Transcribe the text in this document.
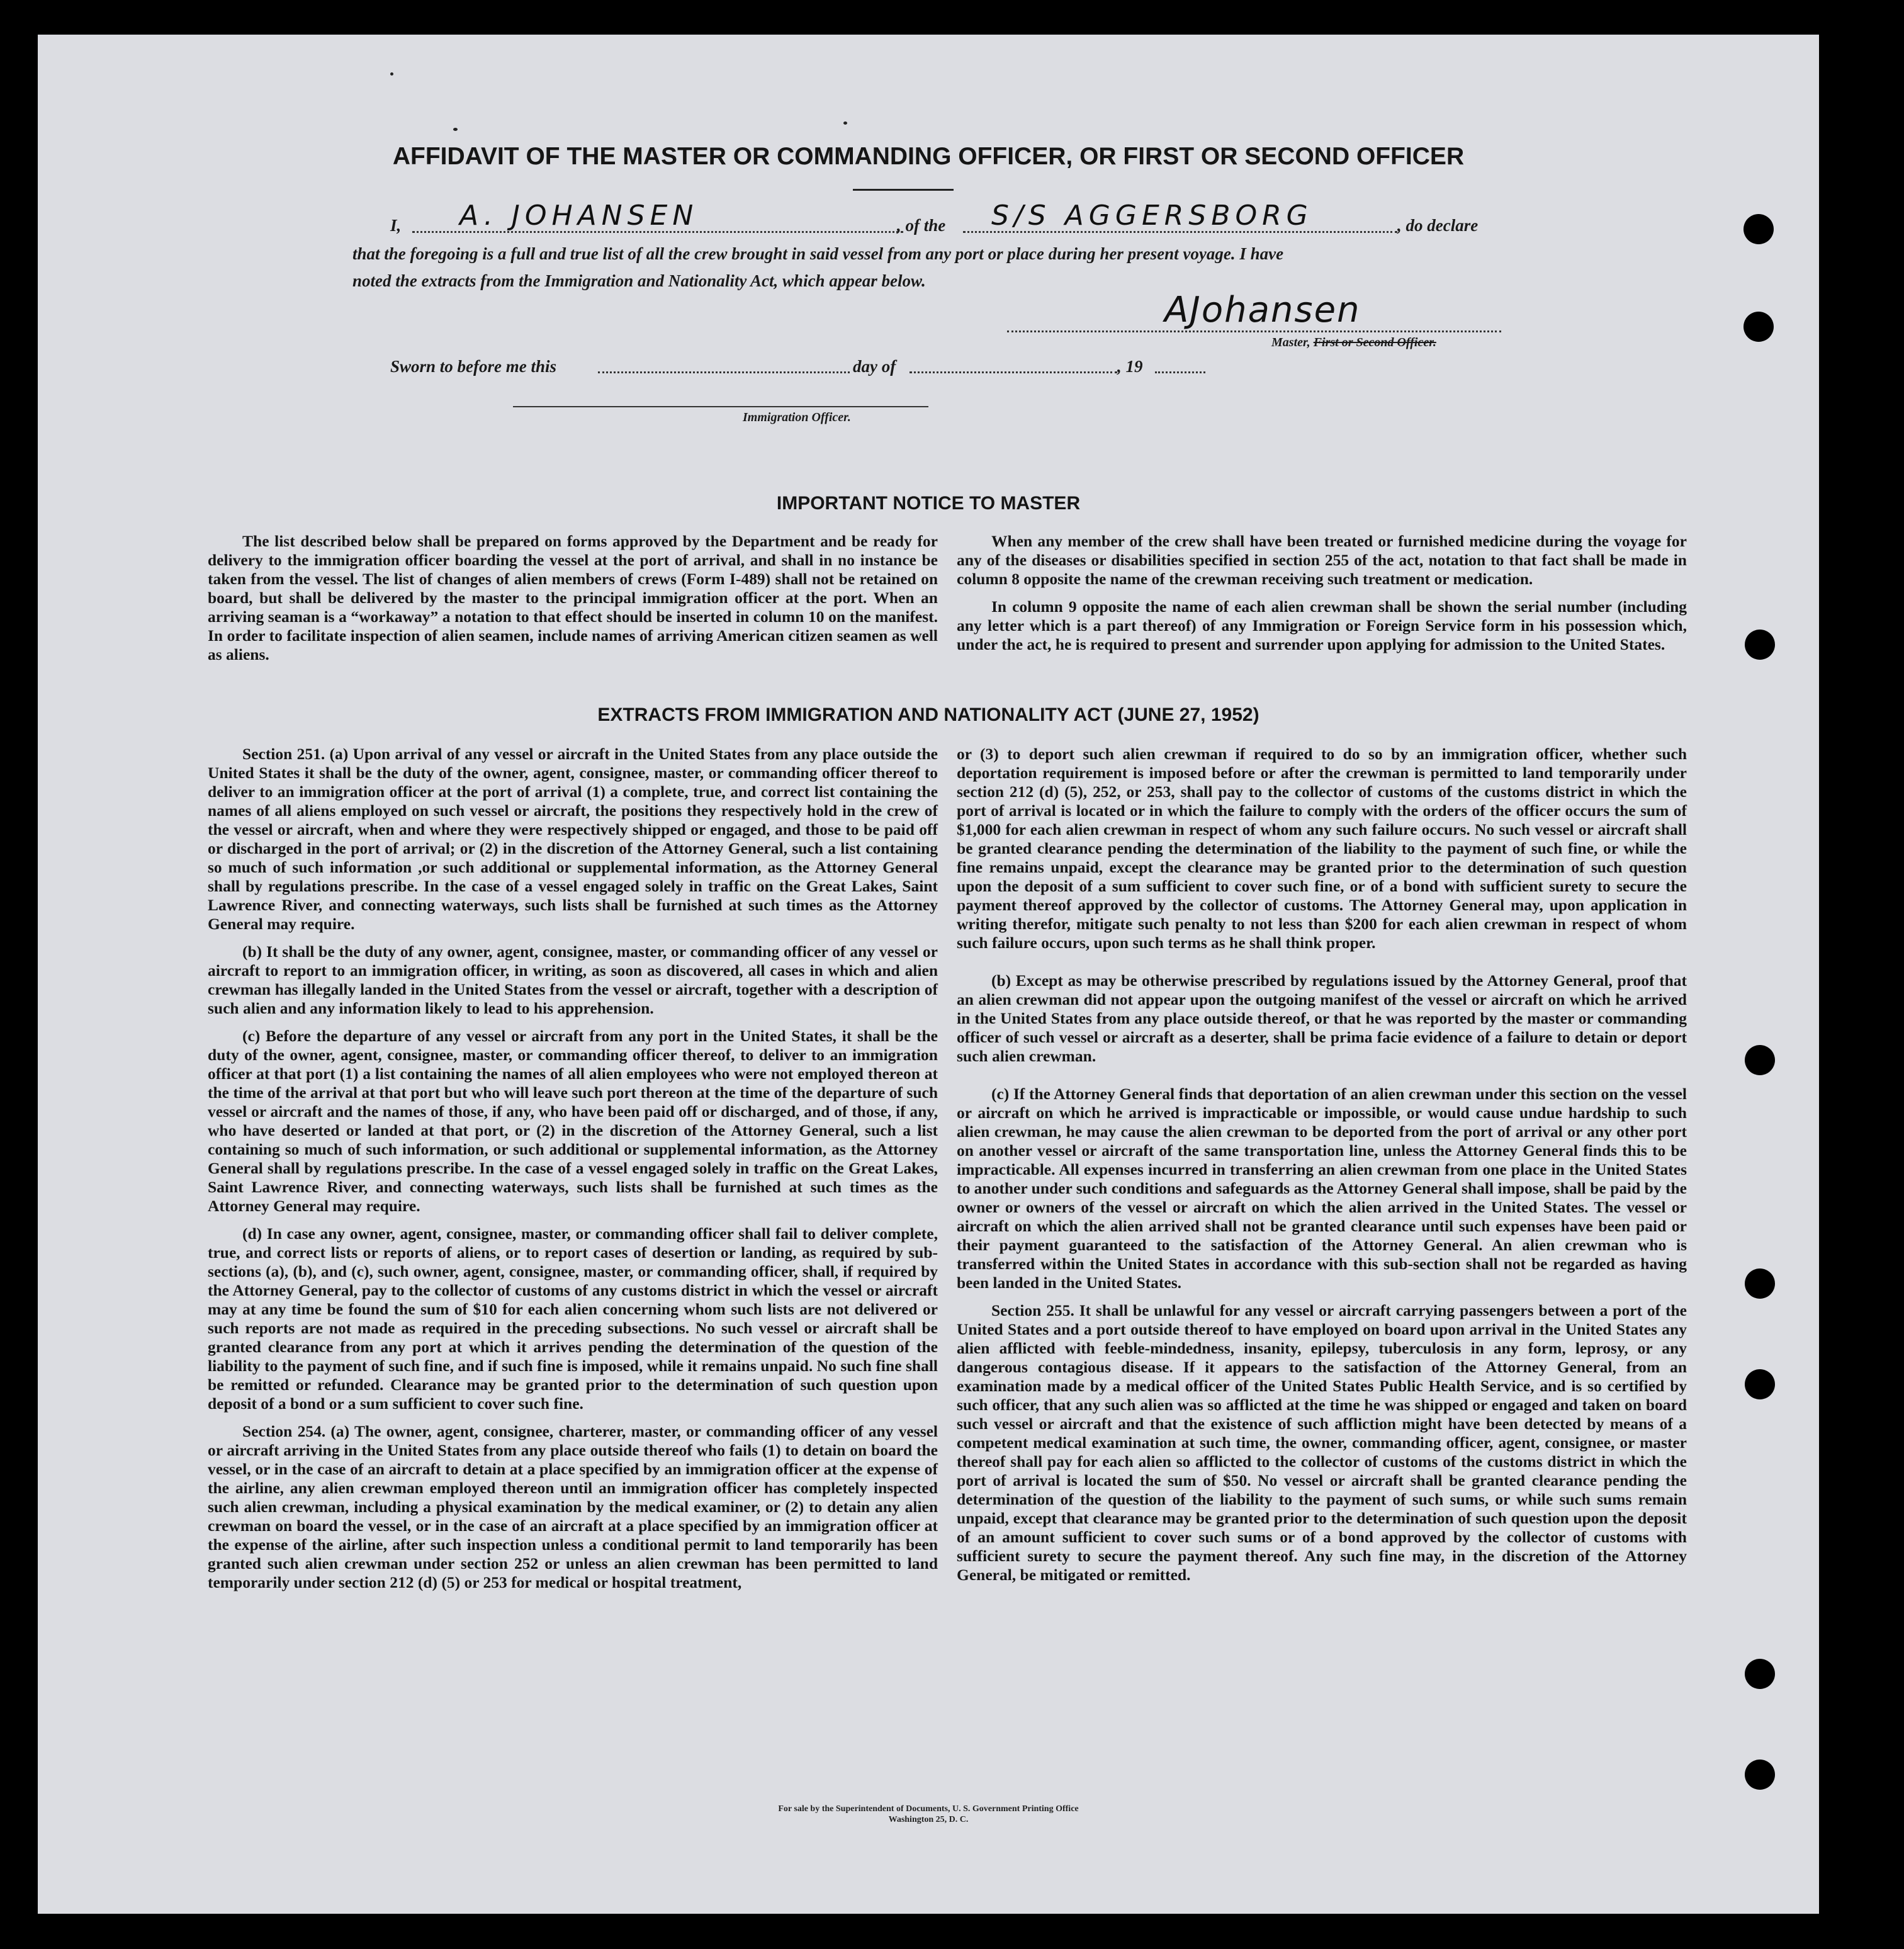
AFFIDAVIT OF THE MASTER OR COMMANDING OFFICER, OR FIRST OR SECOND OFFICER
I, A. JOHANSEN	, of the S/S AGGERSBORG	, do declare
that the foregoing is a full and true list of all the crew brought in said vessel from any port or place during her present voyage. I have
noted the extracts from the Immigration and Nationality Act, which appear below.
AJohansen
Master, First or Second Officer.
Sworn to before me this	day of	, 19
Immigration Officer.
IMPORTANT NOTICE TO MASTER

The list described below shall be prepared on forms approved by the Department and be ready for delivery to the immigration officer boarding the vessel at the port of arrival, and shall in no instance be taken from the vessel. The list of changes of alien members of crews (Form I-489) shall not be retained on board, but shall be delivered by the master to the principal immigration officer at the port. When an arriving seaman is a “workaway” a notation to that effect should be inserted in column 10 on the manifest. In order to facilitate inspection of alien seamen, include names of arriving American citizen seamen as well as aliens.

When any member of the crew shall have been treated or furnished medicine during the voyage for any of the diseases or disabilities specified in section 255 of the act, notation to that fact shall be made in column 8 opposite the name of the crewman receiving such treatment or medication.

In column 9 opposite the name of each alien crewman shall be shown the serial number (including any letter which is a part thereof) of any Immigration or Foreign Service form in his possession which, under the act, he is required to present and surrender upon applying for admission to the United States.

EXTRACTS FROM IMMIGRATION AND NATIONALITY ACT (JUNE 27, 1952)

Section 251. (a) Upon arrival of any vessel or aircraft in the United States from any place outside the United States it shall be the duty of the owner, agent, consignee, master, or commanding officer thereof to deliver to an immigration officer at the port of arrival (1) a complete, true, and correct list containing the names of all aliens employed on such vessel or aircraft, the positions they respectively hold in the crew of the vessel or aircraft, when and where they were respectively shipped or engaged, and those to be paid off or discharged in the port of arrival; or (2) in the discretion of the Attorney General, such a list containing so much of such information ,or such additional or supplemental information, as the Attorney General shall by regulations prescribe. In the case of a vessel engaged solely in traffic on the Great Lakes, Saint Lawrence River, and connecting waterways, such lists shall be furnished at such times as the Attorney General may require.

(b) It shall be the duty of any owner, agent, consignee, master, or commanding officer of any vessel or aircraft to report to an immigration officer, in writing, as soon as discovered, all cases in which and alien crewman has illegally landed in the United States from the vessel or aircraft, together with a description of such alien and any information likely to lead to his apprehension.

(c) Before the departure of any vessel or aircraft from any port in the United States, it shall be the duty of the owner, agent, consignee, master, or commanding officer thereof, to deliver to an immigration officer at that port (1) a list containing the names of all alien employees who were not employed thereon at the time of the arrival at that port but who will leave such port thereon at the time of the departure of such vessel or aircraft and the names of those, if any, who have been paid off or discharged, and of those, if any, who have deserted or landed at that port, or (2) in the discretion of the Attorney General, such a list containing so much of such information, or such additional or supplemental information, as the Attorney General shall by regulations prescribe. In the case of a vessel engaged solely in traffic on the Great Lakes, Saint Lawrence River, and connecting waterways, such lists shall be furnished at such times as the Attorney General may require.

(d) In case any owner, agent, consignee, master, or commanding officer shall fail to deliver complete, true, and correct lists or reports of aliens, or to report cases of desertion or landing, as required by sub-sections (a), (b), and (c), such owner, agent, consignee, master, or commanding officer, shall, if required by the Attorney General, pay to the collector of customs of any customs district in which the vessel or aircraft may at any time be found the sum of $10 for each alien concerning whom such lists are not delivered or such reports are not made as required in the preceding subsections. No such vessel or aircraft shall be granted clearance from any port at which it arrives pending the determination of the question of the liability to the payment of such fine, and if such fine is imposed, while it remains unpaid. No such fine shall be remitted or refunded. Clearance may be granted prior to the determination of such question upon deposit of a bond or a sum sufficient to cover such fine.

Section 254. (a) The owner, agent, consignee, charterer, master, or commanding officer of any vessel or aircraft arriving in the United States from any place outside thereof who fails (1) to detain on board the vessel, or in the case of an aircraft to detain at a place specified by an immigration officer at the expense of the airline, any alien crewman employed thereon until an immigration officer has completely inspected such alien crewman, including a physical examination by the medical examiner, or (2) to detain any alien crewman on board the vessel, or in the case of an aircraft at a place specified by an immigration officer at the expense of the airline, after such inspection unless a conditional permit to land temporarily has been granted such alien crewman under section 252 or unless an alien crewman has been permitted to land temporarily under section 212 (d) (5) or 253 for medical or hospital treatment,

or (3) to deport such alien crewman if required to do so by an immigration officer, whether such deportation requirement is imposed before or after the crewman is permitted to land temporarily under section 212 (d) (5), 252, or 253, shall pay to the collector of customs of the customs district in which the port of arrival is located or in which the failure to comply with the orders of the officer occurs the sum of $1,000 for each alien crewman in respect of whom any such failure occurs. No such vessel or aircraft shall be granted clearance pending the determination of the liability to the payment of such fine, or while the fine remains unpaid, except the clearance may be granted prior to the determination of such question upon the deposit of a sum sufficient to cover such fine, or of a bond with sufficient surety to secure the payment thereof approved by the collector of customs. The Attorney General may, upon application in writing therefor, mitigate such penalty to not less than $200 for each alien crewman in respect of whom such failure occurs, upon such terms as he shall think proper.

(b) Except as may be otherwise prescribed by regulations issued by the Attorney General, proof that an alien crewman did not appear upon the outgoing manifest of the vessel or aircraft on which he arrived in the United States from any place outside thereof, or that he was reported by the master or commanding officer of such vessel or aircraft as a deserter, shall be prima facie evidence of a failure to detain or deport such alien crewman.

(c) If the Attorney General finds that deportation of an alien crewman under this section on the vessel or aircraft on which he arrived is impracticable or impossible, or would cause undue hardship to such alien crewman, he may cause the alien crewman to be deported from the port of arrival or any other port on another vessel or aircraft of the same transportation line, unless the Attorney General finds this to be impracticable. All expenses incurred in transferring an alien crewman from one place in the United States to another under such conditions and safeguards as the Attorney General shall impose, shall be paid by the owner or owners of the vessel or aircraft on which the alien arrived in the United States. The vessel or aircraft on which the alien arrived shall not be granted clearance until such expenses have been paid or their payment guaranteed to the satisfaction of the Attorney General. An alien crewman who is transferred within the United States in accordance with this sub-section shall not be regarded as having been landed in the United States.

Section 255. It shall be unlawful for any vessel or aircraft carrying passengers between a port of the United States and a port outside thereof to have employed on board upon arrival in the United States any alien afflicted with feeble-mindedness, insanity, epilepsy, tuberculosis in any form, leprosy, or any dangerous contagious disease. If it appears to the satisfaction of the Attorney General, from an examination made by a medical officer of the United States Public Health Service, and is so certified by such officer, that any such alien was so afflicted at the time he was shipped or engaged and taken on board such vessel or aircraft and that the existence of such affliction might have been detected by means of a competent medical examination at such time, the owner, commanding officer, agent, consignee, or master thereof shall pay for each alien so afflicted to the collector of customs of the customs district in which the port of arrival is located the sum of $50. No vessel or aircraft shall be granted clearance pending the determination of the question of the liability to the payment of such sums, or while such sums remain unpaid, except that clearance may be granted prior to the determination of such question upon the deposit of an amount sufficient to cover such sums or of a bond approved by the collector of customs with sufficient surety to secure the payment thereof. Any such fine may, in the discretion of the Attorney General, be mitigated or remitted.

For sale by the Superintendent of Documents, U. S. Government Printing Office
Washington 25, D. C.
